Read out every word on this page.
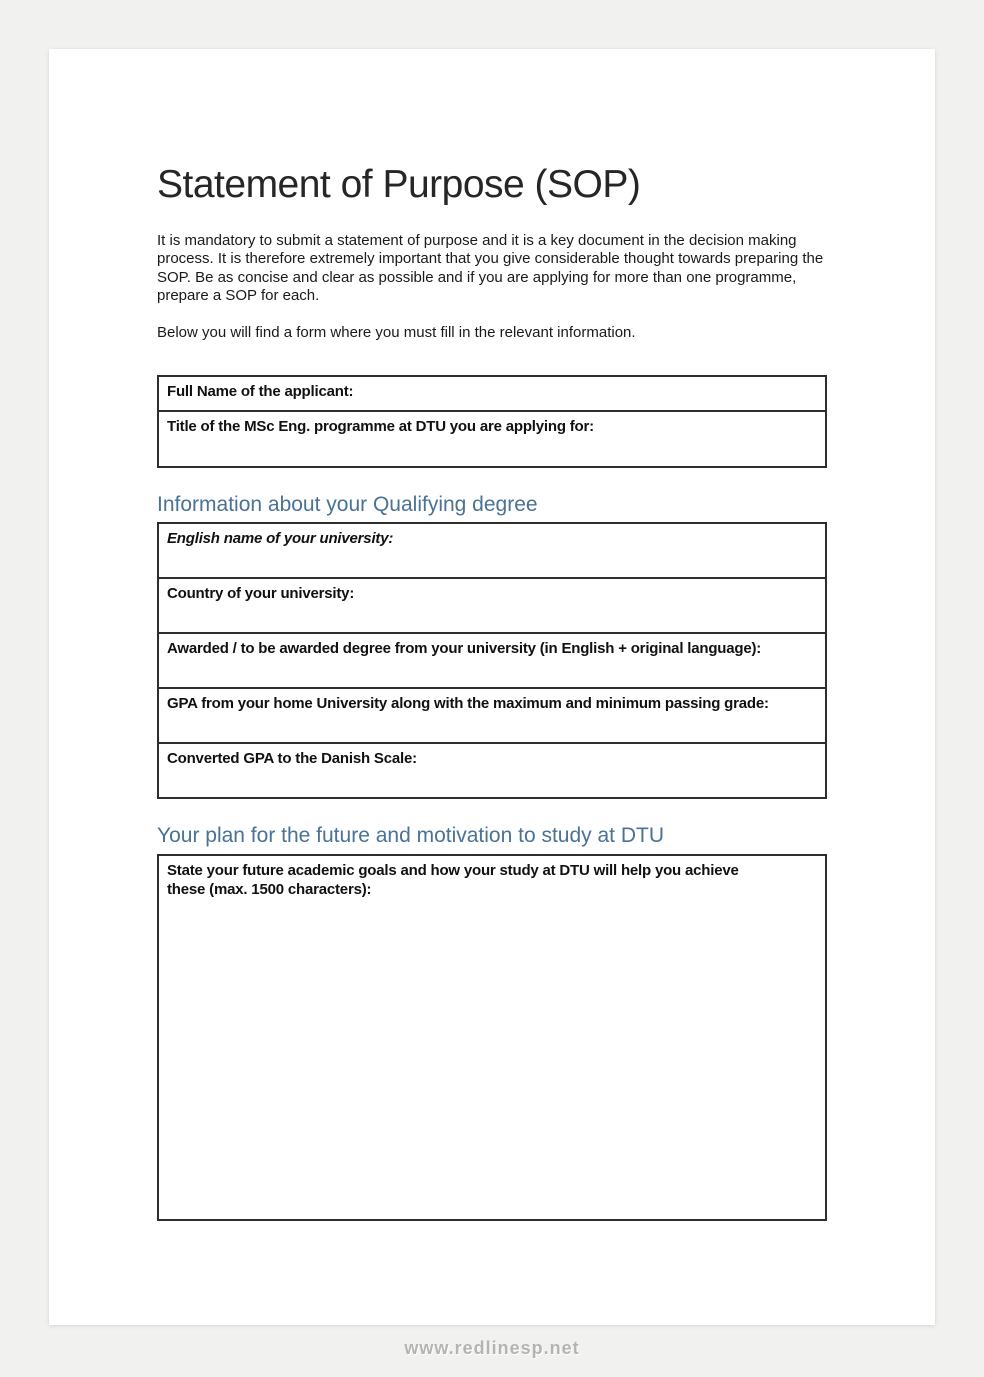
Statement of Purpose (SOP)

It is mandatory to submit a statement of purpose and it is a key document in the decision making process. It is therefore extremely important that you give considerable thought towards preparing the SOP. Be as concise and clear as possible and if you are applying for more than one programme, prepare a SOP for each.

Below you will find a form where you must fill in the relevant information.

Full Name of the applicant:

Title of the MSc Eng. programme at DTU you are applying for:
Information about your Qualifying degree
English name of your university:

Country of your university:

Awarded / to be awarded degree from your university (in English + original language):

GPA from your home University along with the maximum and minimum passing grade:

Converted GPA to the Danish Scale:
Your plan for the future and motivation to study at DTU
State your future academic goals and how your study at DTU will help you achieve these (max. 1500 characters):
www.redlinesp.net
